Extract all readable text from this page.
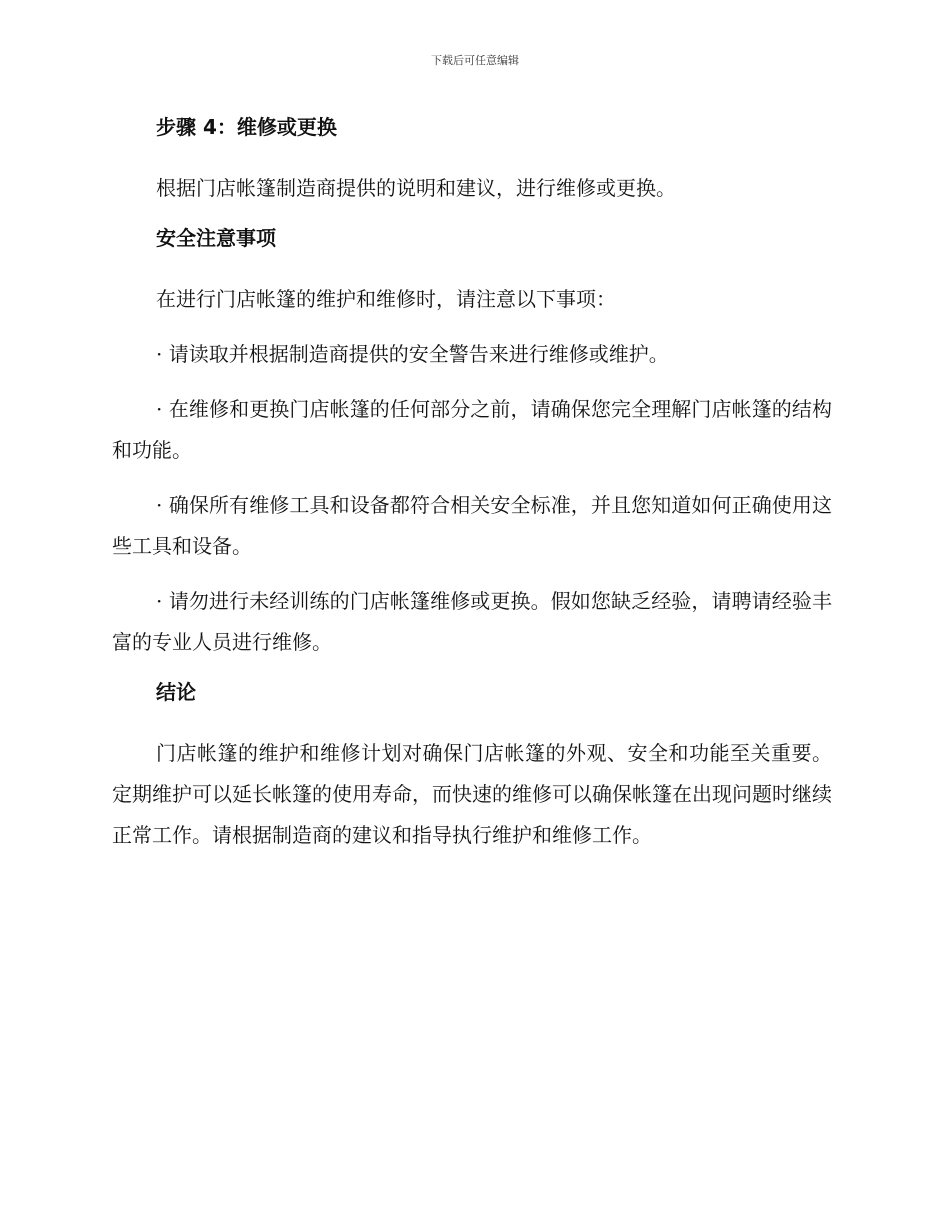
下载后可任意编辑
步骤 4：维修或更换

根据门店帐篷制造商提供的说明和建议，进行维修或更换。

安全注意事项

在进行门店帐篷的维护和维修时，请注意以下事项：

· 请读取并根据制造商提供的安全警告来进行维修或维护。

· 在维修和更换门店帐篷的任何部分之前，请确保您完全理解门店帐篷的结构和功能。

· 确保所有维修工具和设备都符合相关安全标准，并且您知道如何正确使用这些工具和设备。

· 请勿进行未经训练的门店帐篷维修或更换。假如您缺乏经验，请聘请经验丰富的专业人员进行维修。

结论

门店帐篷的维护和维修计划对确保门店帐篷的外观、安全和功能至关重要。定期维护可以延长帐篷的使用寿命，而快速的维修可以确保帐篷在出现问题时继续正常工作。请根据制造商的建议和指导执行维护和维修工作。
